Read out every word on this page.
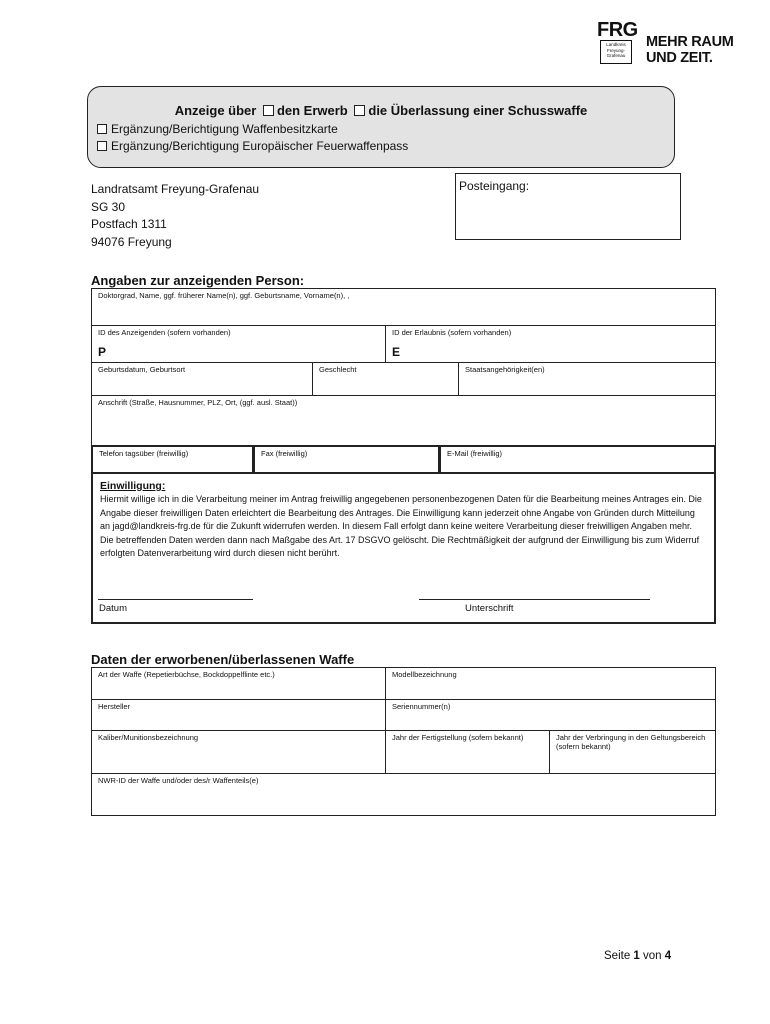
FRG
Landkreis
Freyung-
Grafenau
MEHR RAUM
UND ZEIT.
Anzeige über den Erwerb die Überlassung einer Schusswaffe
Ergänzung/Berichtigung Waffenbesitzkarte
Ergänzung/Berichtigung Europäischer Feuerwaffenpass
Landratsamt Freyung-Grafenau
SG 30
Postfach 1311
94076 Freyung
Posteingang:
Angaben zur anzeigenden Person:
Doktorgrad, Name, ggf. früherer Name(n), ggf. Geburtsname, Vorname(n), ,
ID des Anzeigenden (sofern vorhanden)
P
ID der Erlaubnis (sofern vorhanden)
E
Geburtsdatum, Geburtsort	Geschlecht	Staatsangehörigkeit(en)
Anschrift (Straße, Hausnummer, PLZ, Ort, (ggf. ausl. Staat))
Telefon tagsüber (freiwillig)	Fax (freiwillig)	E-Mail (freiwillig)
Einwilligung:
Hiermit willige ich in die Verarbeitung meiner im Antrag freiwillig angegebenen personenbezogenen Daten für die Bearbeitung meines Antrages ein. Die Angabe dieser freiwilligen Daten erleichtert die Bearbeitung des Antrages. Die Einwilligung kann jederzeit ohne Angabe von Gründen durch Mitteilung an jagd@landkreis-frg.de für die Zukunft widerrufen werden. In diesem Fall erfolgt dann keine weitere Verarbeitung dieser freiwilligen Angaben mehr. Die betreffenden Daten werden dann nach Maßgabe des Art. 17 DSGVO gelöscht. Die Rechtmäßigkeit der aufgrund der Einwilligung bis zum Widerruf erfolgten Datenverarbeitung wird durch diesen nicht berührt.
Datum	Unterschrift
Daten der erworbenen/überlassenen Waffe
Art der Waffe (Repetierbüchse, Bockdoppelflinte etc.)	Modellbezeichnung
Hersteller	Seriennummer(n)
Kaliber/Munitionsbezeichnung	Jahr der Fertigstellung (sofern bekannt)	Jahr der Verbringung in den Geltungsbereich (sofern bekannt)
NWR-ID der Waffe und/oder des/r Waffenteils(e)
Seite 1 von 4
